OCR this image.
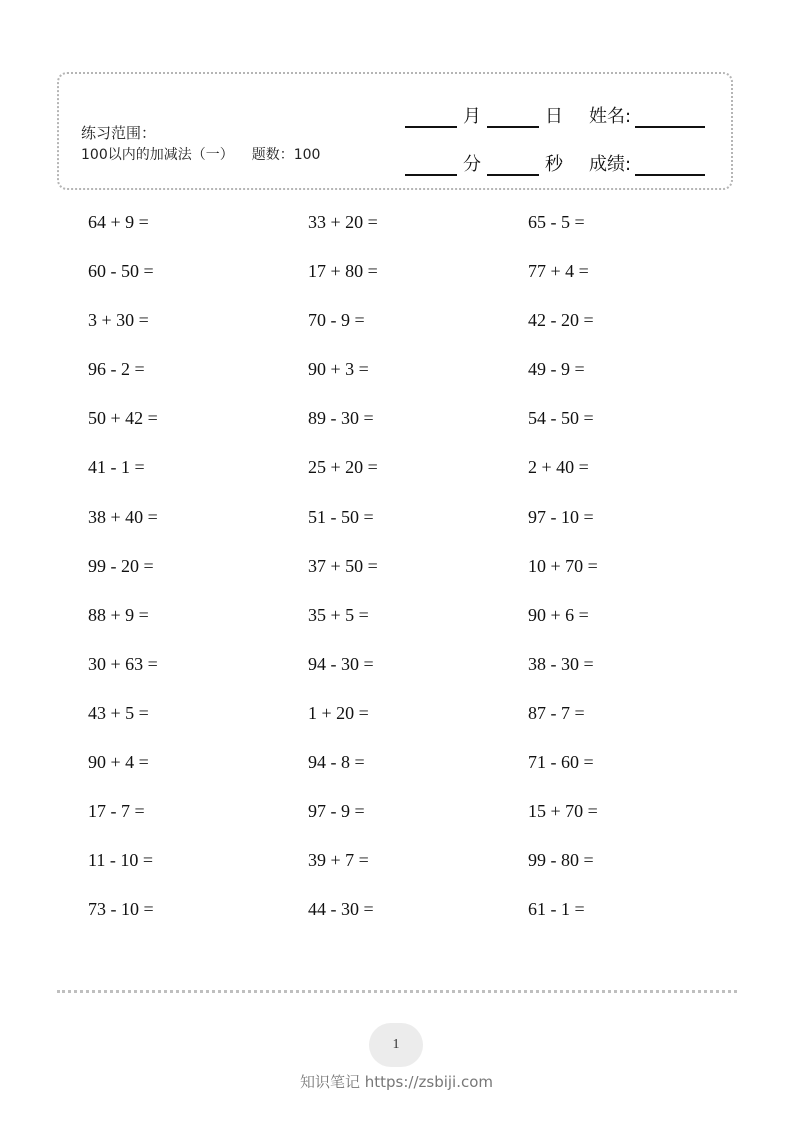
练习范围：
100以内的加减法（一） 题数：100
月	日 姓名:
分	秒 成绩:
64 + 9 =	33 + 20 =	65 - 5 =
60 - 50 =	17 + 80 =	77 + 4 =
3 + 30 =	70 - 9 =	42 - 20 =
96 - 2 =	90 + 3 =	49 - 9 =
50 + 42 =	89 - 30 =	54 - 50 =
41 - 1 =	25 + 20 =	2 + 40 =
38 + 40 =	51 - 50 =	97 - 10 =
99 - 20 =	37 + 50 =	10 + 70 =
88 + 9 =	35 + 5 =	90 + 6 =
30 + 63 =	94 - 30 =	38 - 30 =
43 + 5 =	1 + 20 =	87 - 7 =
90 + 4 =	94 - 8 =	71 - 60 =
17 - 7 =	97 - 9 =	15 + 70 =
11 - 10 =	39 + 7 =	99 - 80 =
73 - 10 =	44 - 30 =	61 - 1 =
1
知识笔记 https://zsbiji.com
